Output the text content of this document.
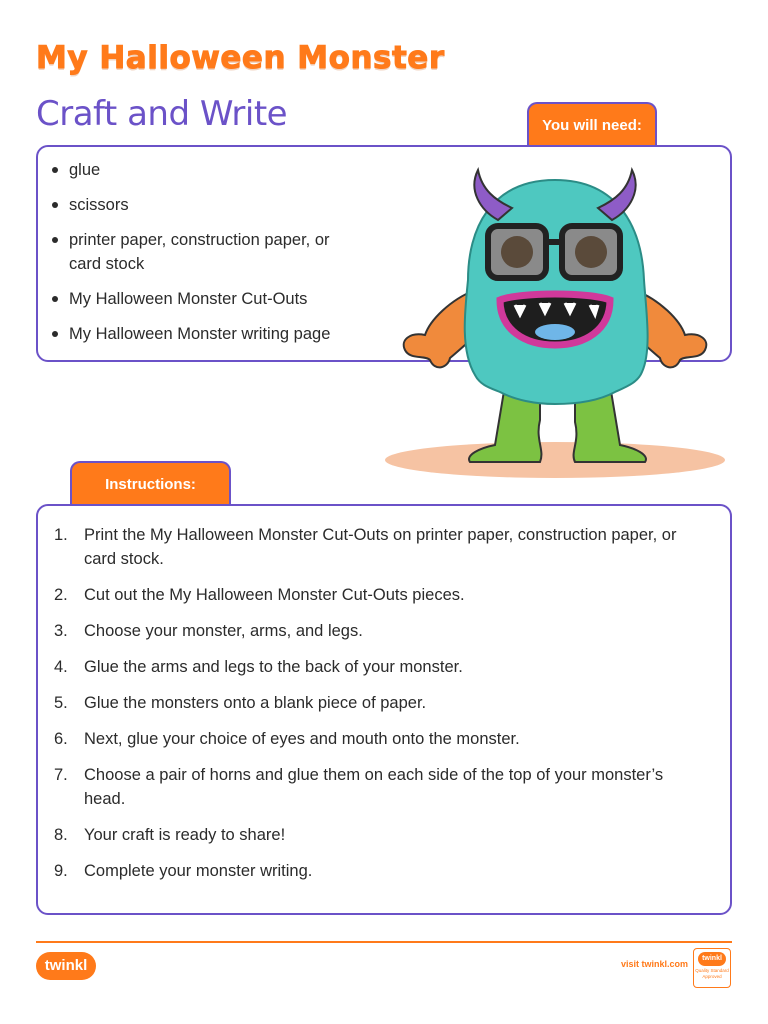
My Halloween Monster
Craft and Write	You will need:
glue
scissors
printer paper, construction paper, or card stock
My Halloween Monster Cut-Outs
My Halloween Monster writing page
Instructions:
1. Print the My Halloween Monster Cut-Outs on printer paper, construction paper, or card stock.
2. Cut out the My Halloween Monster Cut-Outs pieces.
3. Choose your monster, arms, and legs.
4. Glue the arms and legs to the back of your monster.
5. Glue the monsters onto a blank piece of paper.
6. Next, glue your choice of eyes and mouth onto the monster.
7. Choose a pair of horns and glue them on each side of the top of your monster’s head.
8. Your craft is ready to share!
9. Complete your monster writing.
twinkl	visit twinkl.com
twinkl
Quality Standard Approved
